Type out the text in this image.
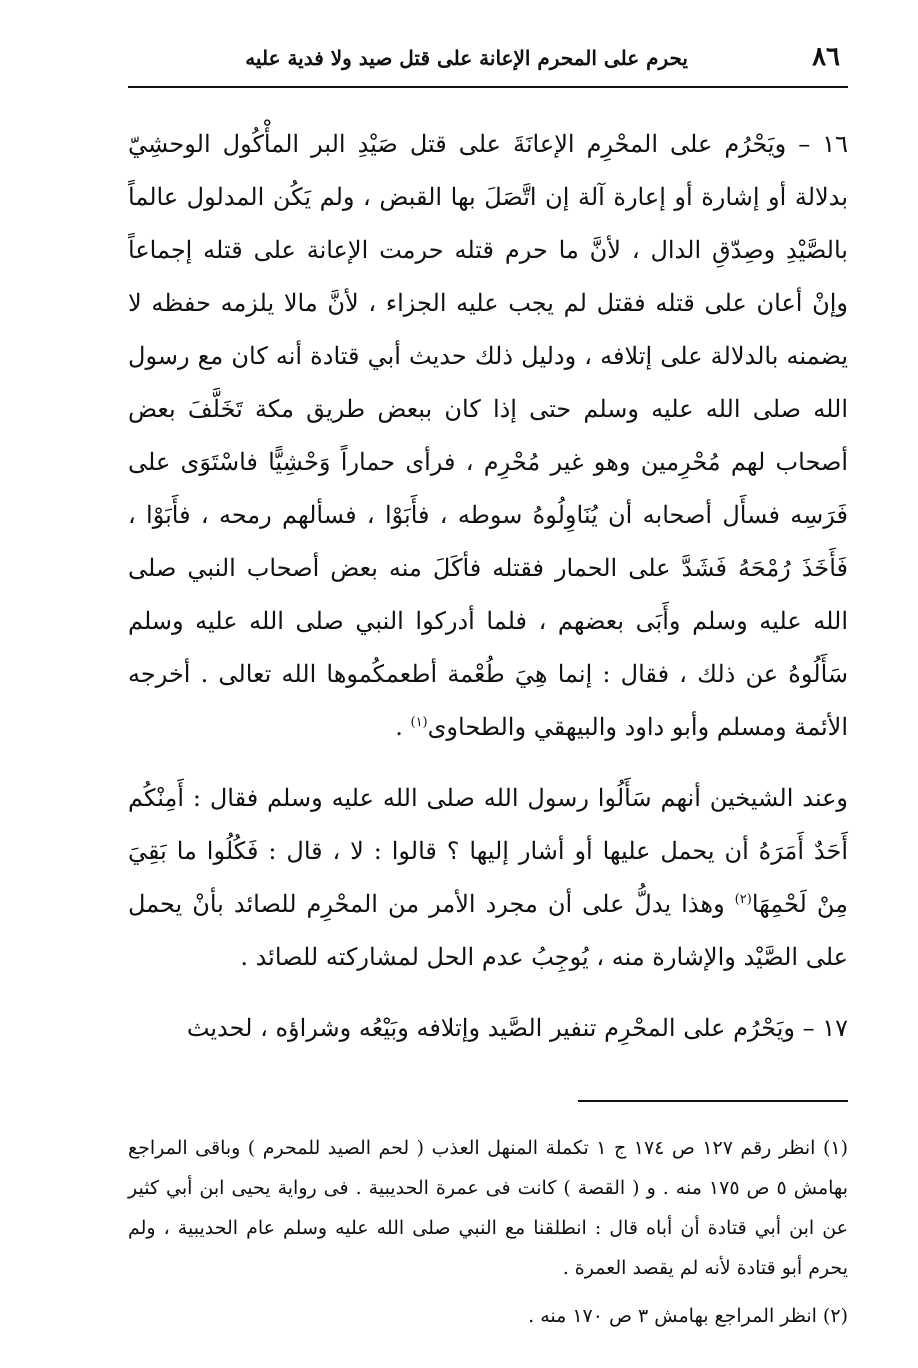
٨٦
يحرم على المحرم الإعانة على قتل صيد ولا فدية عليه

١٦ – ويَحْرُم على المحْرِم الإعانَةَ على قتل صَيْدِ البر المأْكُول الوحشِيّ بدلالة أو إشارة أو إعارة آلة إن اتَّصَلَ بها القبض ، ولم يَكُن المدلول عالماً بالصَّيْدِ وصِدّقِ الدال ، لأنَّ ما حرم قتله حرمت الإعانة على قتله إجماعاً وإنْ أعان على قتله فقتل لم يجب عليه الجزاء ، لأنَّ مالا يلزمه حفظه لا يضمنه بالدلالة على إتلافه ، ودليل ذلك حديث أبي قتادة أنه كان مع رسول الله صلى الله عليه وسلم حتى إذا كان ببعض طريق مكة تَخَلَّفَ بعض أصحاب لهم مُحْرِمين وهو غير مُحْرِم ، فرأى حماراً وَحْشِيًّا فاسْتَوَى على فَرَسِه فسأَل أصحابه أن يُنَاوِلُوهُ سوطه ، فأَبَوْا ، فسألهم رمحه ، فأَبَوْا ، فَأَخَذَ رُمْحَهُ فَشَدَّ على الحمار فقتله فأكَلَ منه بعض أصحاب النبي صلى الله عليه وسلم وأَبَى بعضهم ، فلما أدركوا النبي صلى الله عليه وسلم سَأَلُوهُ عن ذلك ، فقال : إنما هِيَ طُعْمة أطعمكُموها الله تعالى . أخرجه الأئمة ومسلم وأبو داود والبيهقي والطحاوى$^{(١)}$ .

وعند الشيخين أنهم سَأَلُوا رسول الله صلى الله عليه وسلم فقال : أَمِنْكُم أَحَدٌ أَمَرَهُ أن يحمل عليها أو أشار إليها ؟ قالوا : لا ، قال : فَكُلُوا ما بَقِيَ مِنْ لَحْمِهَا$^{(٢)}$ وهذا يدلُّ على أن مجرد الأمر من المحْرِم للصائد بأنْ يحمل على الصَّيْد والإشارة منه ، يُوجِبُ عدم الحل لمشاركته للصائد .

١٧ – ويَحْرُم على المحْرِم تنفير الصَّيد وإتلافه وبَيْعُه وشراؤه ، لحديث

(١) انظر رقم ١٢٧ ص ١٧٤ ج ١ تكملة المنهل العذب ( لحم الصيد للمحرم ) وباقى المراجع بهامش ٥ ص ١٧٥ منه . و ( القصة ) كانت فى عمرة الحديبية . فى رواية يحيى ابن أبي كثير عن ابن أبي قتادة أن أباه قال : انطلقنا مع النبي صلى الله عليه وسلم عام الحديبية ، ولم يحرم أبو قتادة لأنه لم يقصد العمرة .

(٢) انظر المراجع بهامش ٣ ص ١٧٠ منه .
